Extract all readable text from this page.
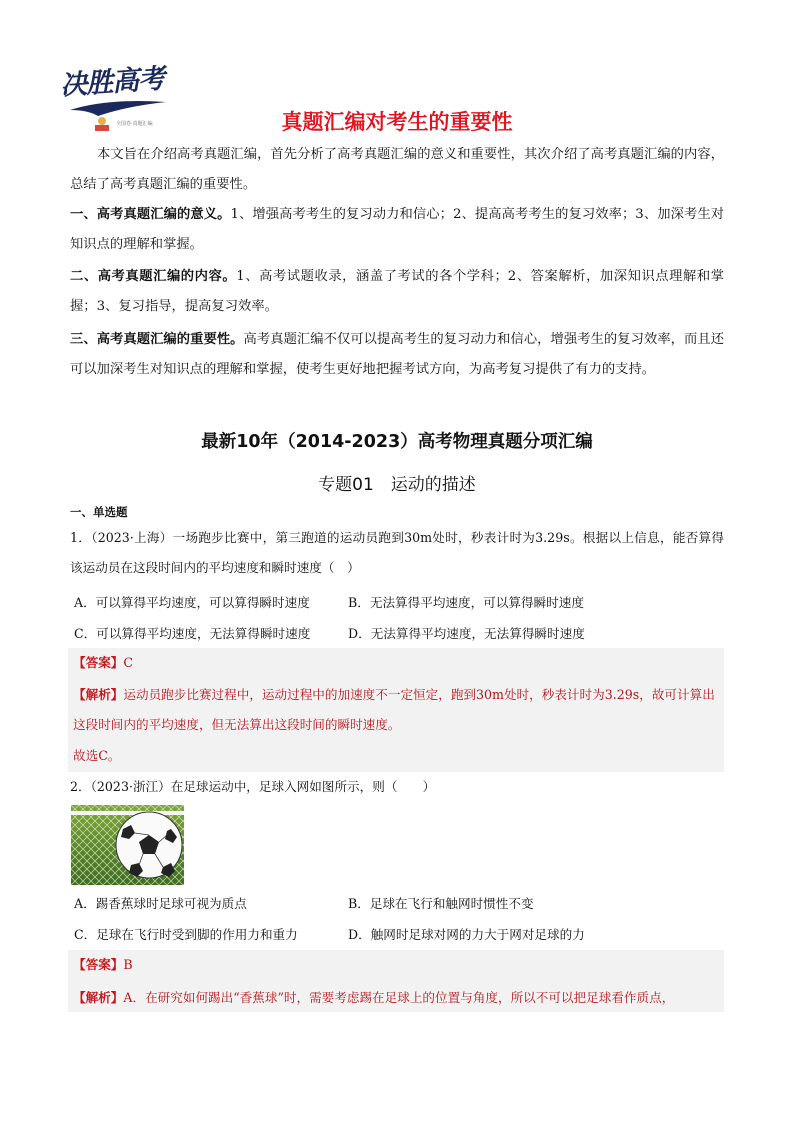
决胜高考
全国卷·真题汇编	真题汇编对考生的重要性
本文旨在介绍高考真题汇编，首先分析了高考真题汇编的意义和重要性，其次介绍了高考真题汇编的内容，总结了高考真题汇编的重要性。
一、高考真题汇编的意义。1、增强高考考生的复习动力和信心；2、提高高考考生的复习效率；3、加深考生对知识点的理解和掌握。
二、高考真题汇编的内容。1、高考试题收录，涵盖了考试的各个学科；2、答案解析，加深知识点理解和掌握；3、复习指导，提高复习效率。
三、高考真题汇编的重要性。高考真题汇编不仅可以提高考生的复习动力和信心，增强考生的复习效率，而且还可以加深考生对知识点的理解和掌握，使考生更好地把握考试方向，为高考复习提供了有力的支持。
最新10年（2014-2023）高考物理真题分项汇编
专题01　运动的描述
一、单选题
1．（2023·上海）一场跑步比赛中，第三跑道的运动员跑到30m处时，秒表计时为3.29s。根据以上信息，能否算得该运动员在这段时间内的平均速度和瞬时速度（　）
A．可以算得平均速度，可以算得瞬时速度	B．无法算得平均速度，可以算得瞬时速度
C．可以算得平均速度，无法算得瞬时速度	D．无法算得平均速度，无法算得瞬时速度
【答案】C
【解析】运动员跑步比赛过程中，运动过程中的加速度不一定恒定，跑到30m处时，秒表计时为3.29s，故可计算出这段时间内的平均速度，但无法算出这段时间的瞬时速度。
故选C。
2．（2023·浙江）在足球运动中，足球入网如图所示，则（　　）
A．踢香蕉球时足球可视为质点	B．足球在飞行和触网时惯性不变
C．足球在飞行时受到脚的作用力和重力	D．触网时足球对网的力大于网对足球的力
【答案】B
【解析】A．在研究如何踢出“香蕉球”时，需要考虑踢在足球上的位置与角度，所以不可以把足球看作质点，
